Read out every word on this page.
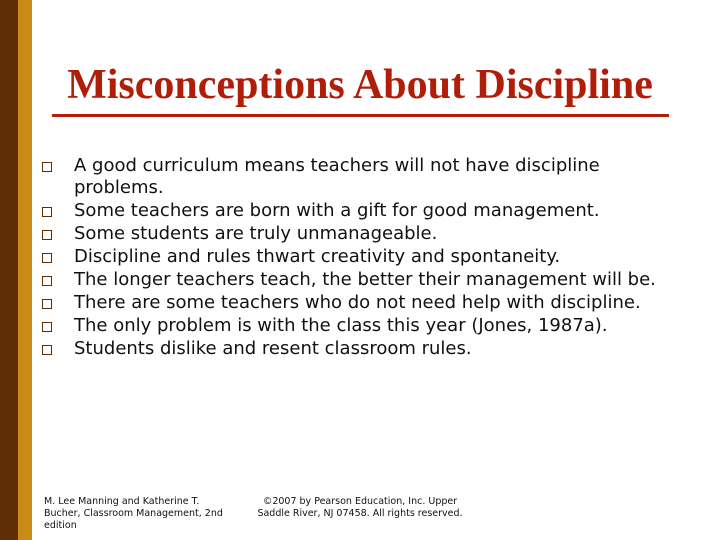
Misconceptions About Discipline
A good curriculum means teachers will not have discipline problems.
Some teachers are born with a gift for good management.
Some students are truly unmanageable.
Discipline and rules thwart creativity and spontaneity.
The longer teachers teach, the better their management will be.
There are some teachers who do not need help with discipline.
The only problem is with the class this year (Jones, 1987a).
Students dislike and resent classroom rules.
M. Lee Manning and Katherine T. Bucher, Classroom Management, 2nd edition
©2007 by Pearson Education, Inc. Upper Saddle River, NJ 07458. All rights reserved.
